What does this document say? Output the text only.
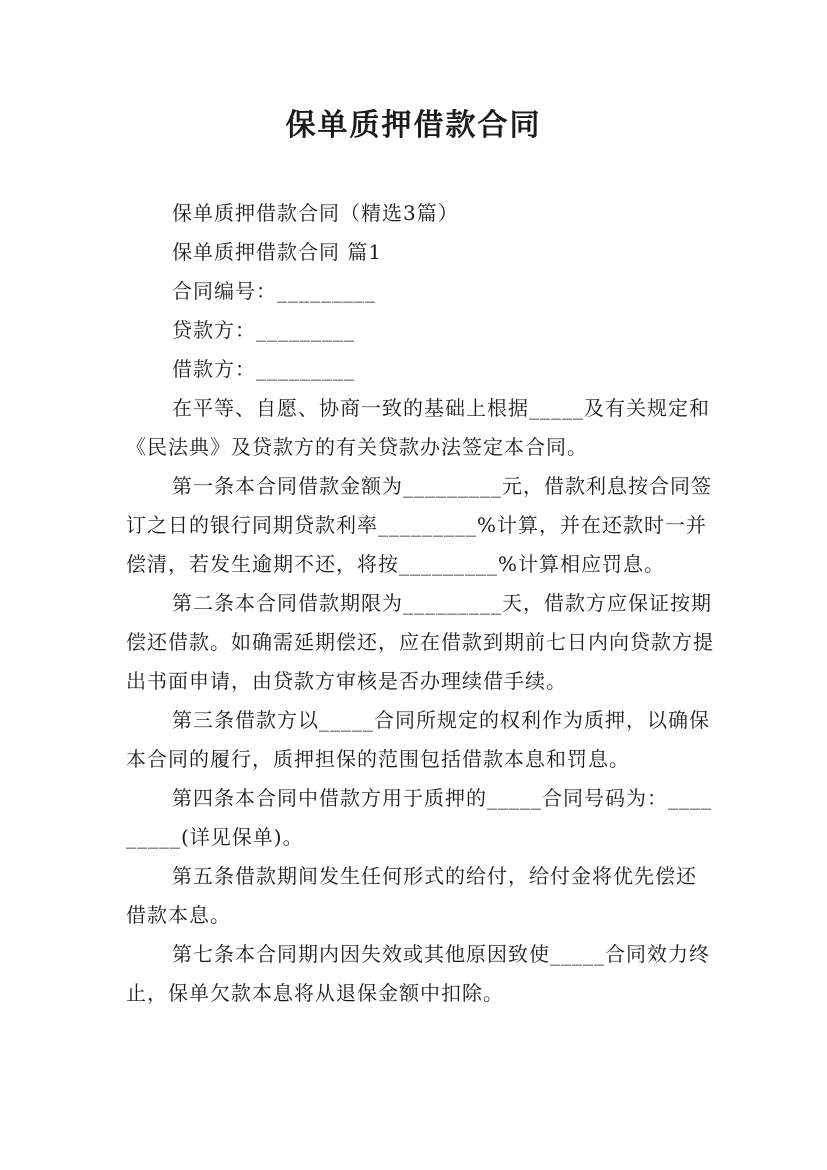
保单质押借款合同

保单质押借款合同（精选3篇）

保单质押借款合同 篇1

合同编号：_________

贷款方：_________

借款方：_________

在平等、自愿、协商一致的基础上根据_____及有关规定和《民法典》及贷款方的有关贷款办法签定本合同。

第一条本合同借款金额为_________元，借款利息按合同签订之日的银行同期贷款利率_________%计算，并在还款时一并偿清，若发生逾期不还，将按_________%计算相应罚息。

第二条本合同借款期限为_________天，借款方应保证按期偿还借款。如确需延期偿还，应在借款到期前七日内向贷款方提出书面申请，由贷款方审核是否办理续借手续。

第三条借款方以_____合同所规定的权利作为质押，以确保本合同的履行，质押担保的范围包括借款本息和罚息。

第四条本合同中借款方用于质押的_____合同号码为：_________(详见保单)。

第五条借款期间发生任何形式的给付，给付金将优先偿还借款本息。

第七条本合同期内因失效或其他原因致使_____合同效力终止，保单欠款本息将从退保金额中扣除。
